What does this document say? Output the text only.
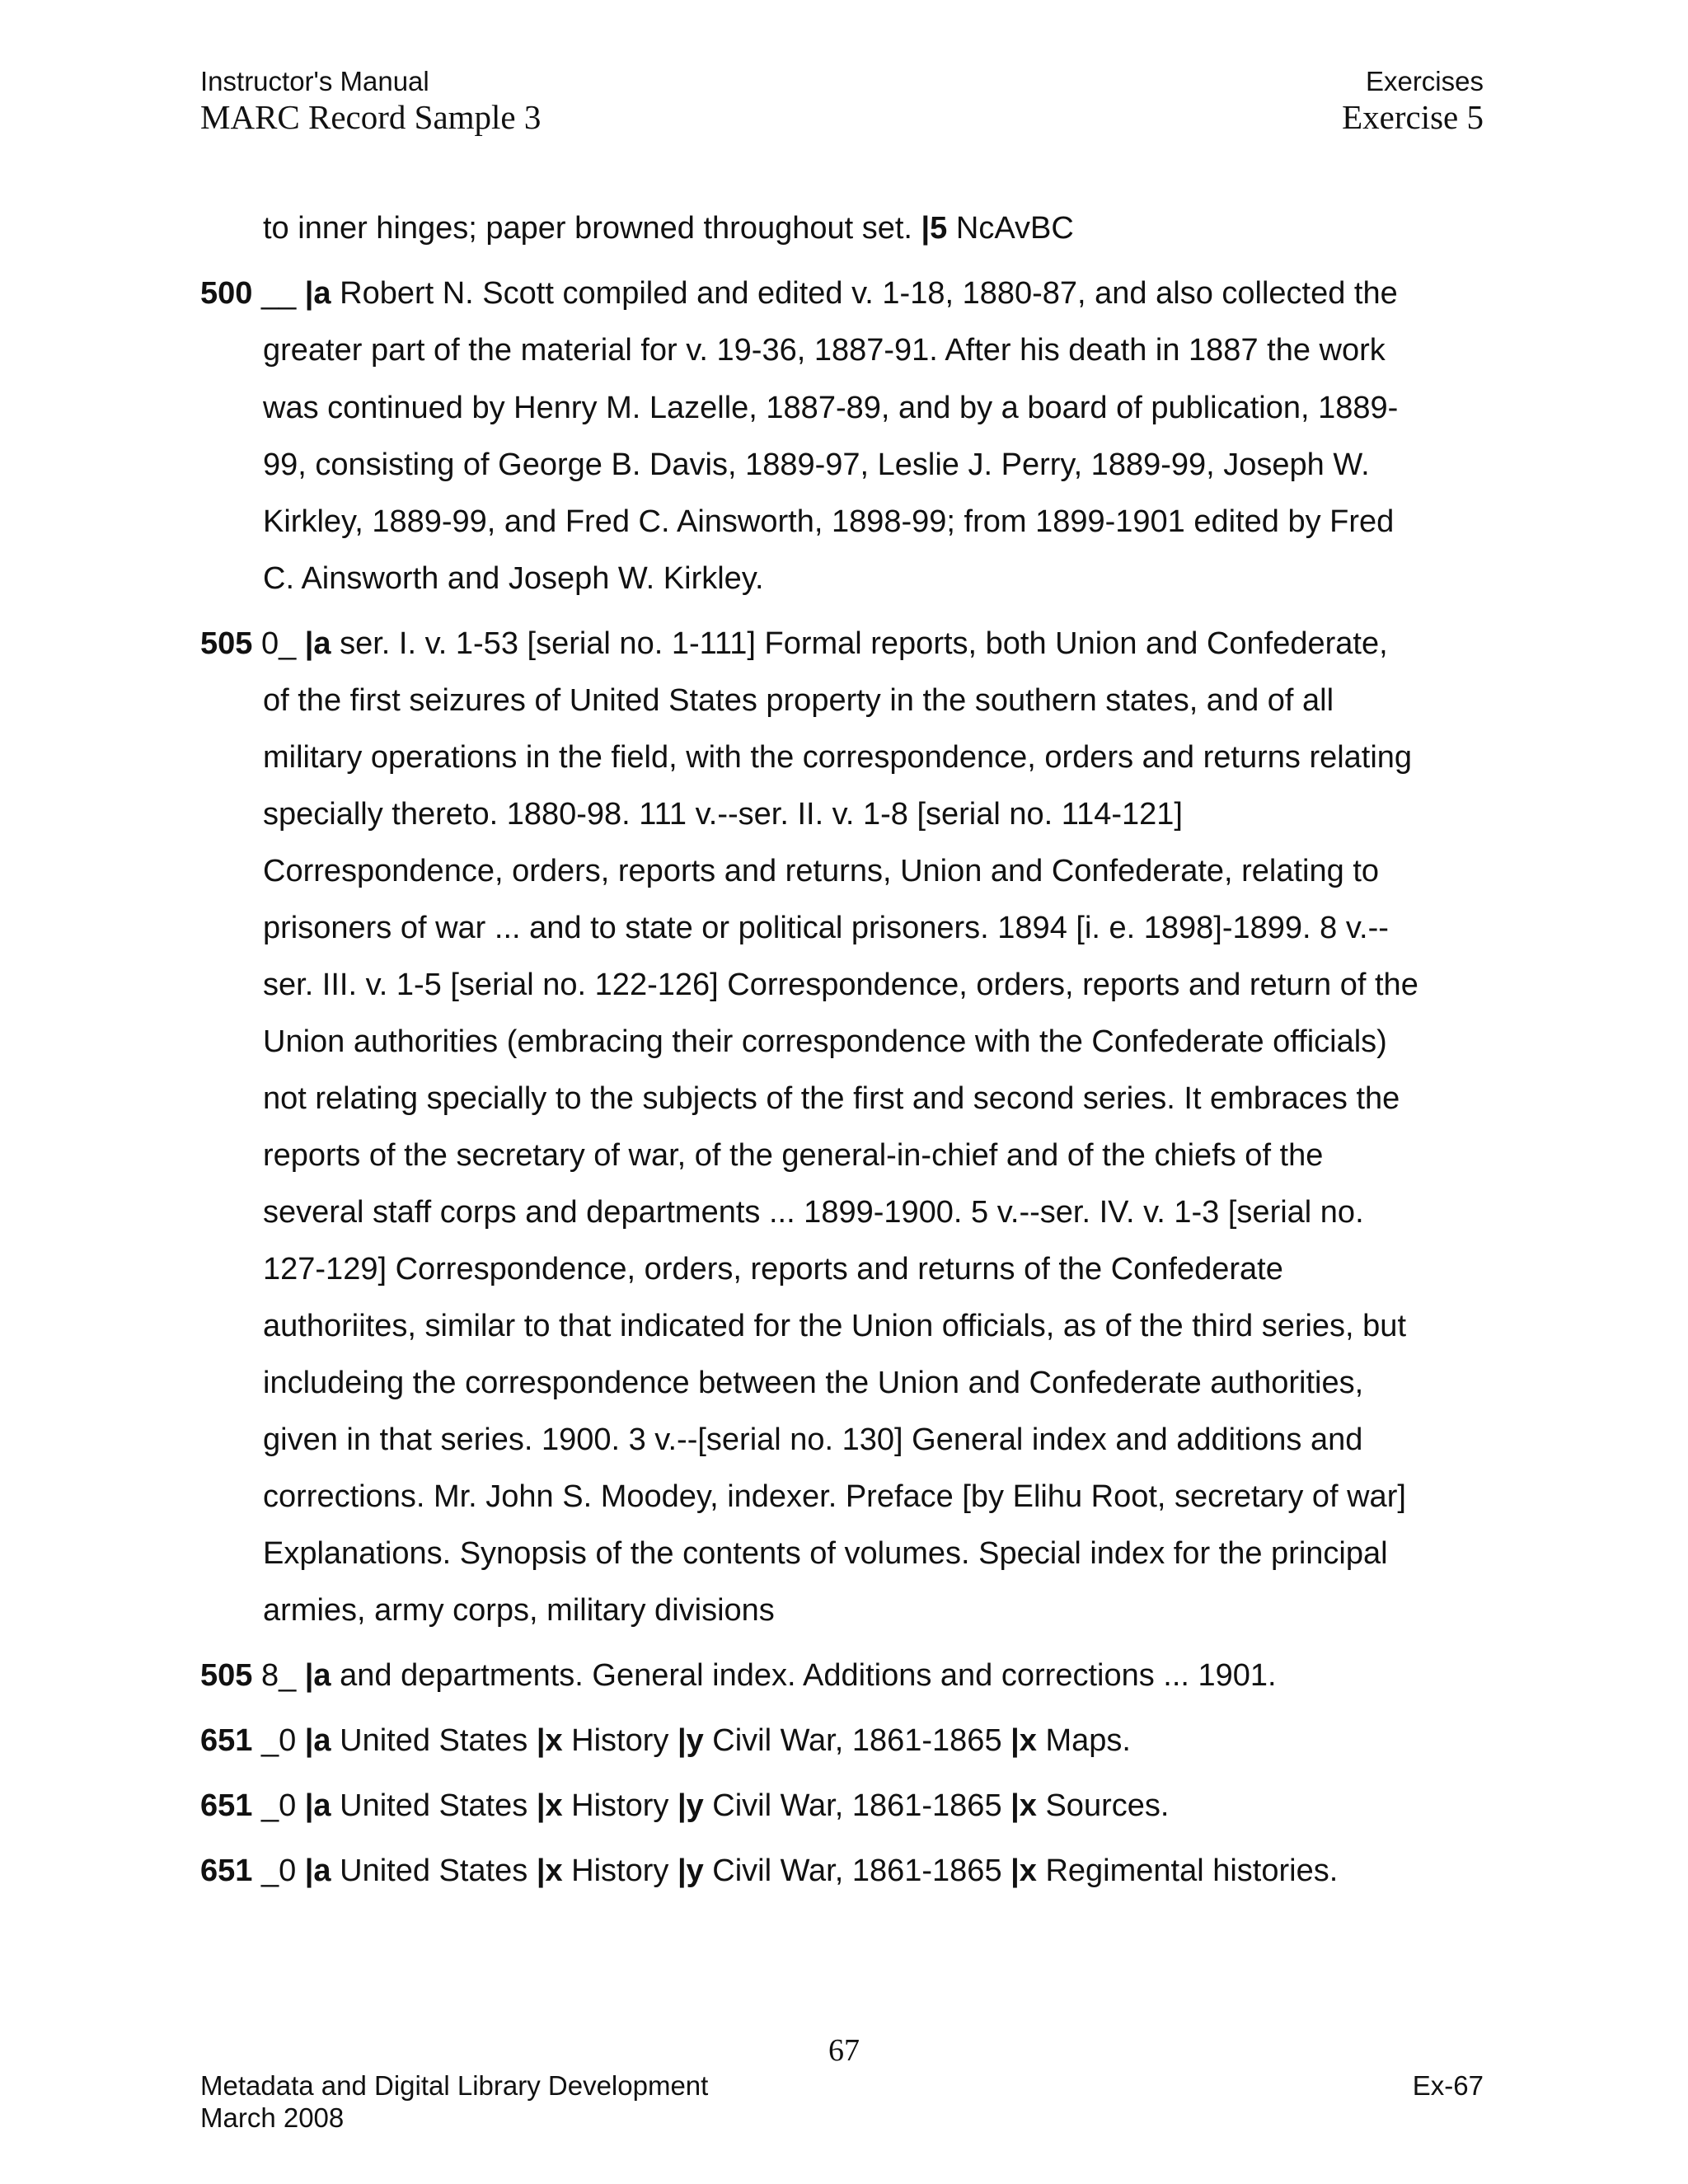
Instructor's Manual	Exercises
MARC Record Sample 3	Exercise 5
to inner hinges; paper browned throughout set. |5 NcAvBC
500 __ |a Robert N. Scott compiled and edited v. 1-18, 1880-87, and also collected the
greater part of the material for v. 19-36, 1887-91. After his death in 1887 the work
was continued by Henry M. Lazelle, 1887-89, and by a board of publication, 1889-
99, consisting of George B. Davis, 1889-97, Leslie J. Perry, 1889-99, Joseph W.
Kirkley, 1889-99, and Fred C. Ainsworth, 1898-99; from 1899-1901 edited by Fred
C. Ainsworth and Joseph W. Kirkley.
505 0_ |a ser. I. v. 1-53 [serial no. 1-111] Formal reports, both Union and Confederate,
of the first seizures of United States property in the southern states, and of all
military operations in the field, with the correspondence, orders and returns relating
specially thereto. 1880-98. 111 v.--ser. II. v. 1-8 [serial no. 114-121]
Correspondence, orders, reports and returns, Union and Confederate, relating to
prisoners of war ... and to state or political prisoners. 1894 [i. e. 1898]-1899. 8 v.--
ser. III. v. 1-5 [serial no. 122-126] Correspondence, orders, reports and return of the
Union authorities (embracing their correspondence with the Confederate officials)
not relating specially to the subjects of the first and second series. It embraces the
reports of the secretary of war, of the general-in-chief and of the chiefs of the
several staff corps and departments ... 1899-1900. 5 v.--ser. IV. v. 1-3 [serial no.
127-129] Correspondence, orders, reports and returns of the Confederate
authoriites, similar to that indicated for the Union officials, as of the third series, but
includeing the correspondence between the Union and Confederate authorities,
given in that series. 1900. 3 v.--[serial no. 130] General index and additions and
corrections. Mr. John S. Moodey, indexer. Preface [by Elihu Root, secretary of war]
Explanations. Synopsis of the contents of volumes. Special index for the principal
armies, army corps, military divisions
505 8_ |a and departments. General index. Additions and corrections ... 1901.
651 _0 |a United States |x History |y Civil War, 1861-1865 |x Maps.
651 _0 |a United States |x History |y Civil War, 1861-1865 |x Sources.
651 _0 |a United States |x History |y Civil War, 1861-1865 |x Regimental histories.
67
Metadata and Digital Library Development	Ex-67
March 2008
